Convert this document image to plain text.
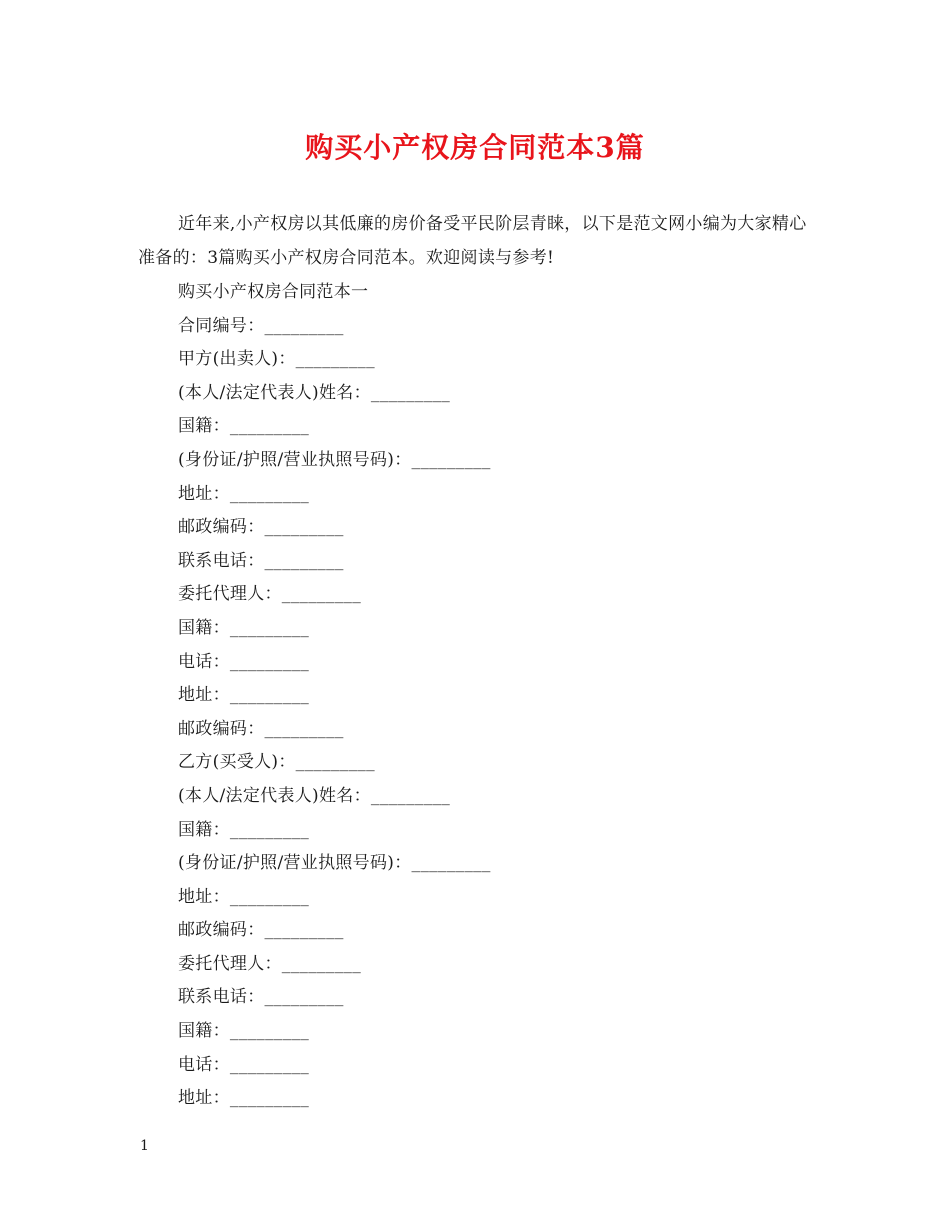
购买小产权房合同范本3篇
近年来,小产权房以其低廉的房价备受平民阶层青睐，以下是范文网小编为大家精心准备的：3篇购买小产权房合同范本。欢迎阅读与参考!
购买小产权房合同范本一
合同编号：_________
甲方(出卖人)：_________
(本人/法定代表人)姓名：_________
国籍：_________
(身份证/护照/营业执照号码)：_________
地址：_________
邮政编码：_________
联系电话：_________
委托代理人：_________
国籍：_________
电话：_________
地址：_________
邮政编码：_________
乙方(买受人)：_________
(本人/法定代表人)姓名：_________
国籍：_________
(身份证/护照/营业执照号码)：_________
地址：_________
邮政编码：_________
委托代理人：_________
联系电话：_________
国籍：_________
电话：_________
地址：_________
1
